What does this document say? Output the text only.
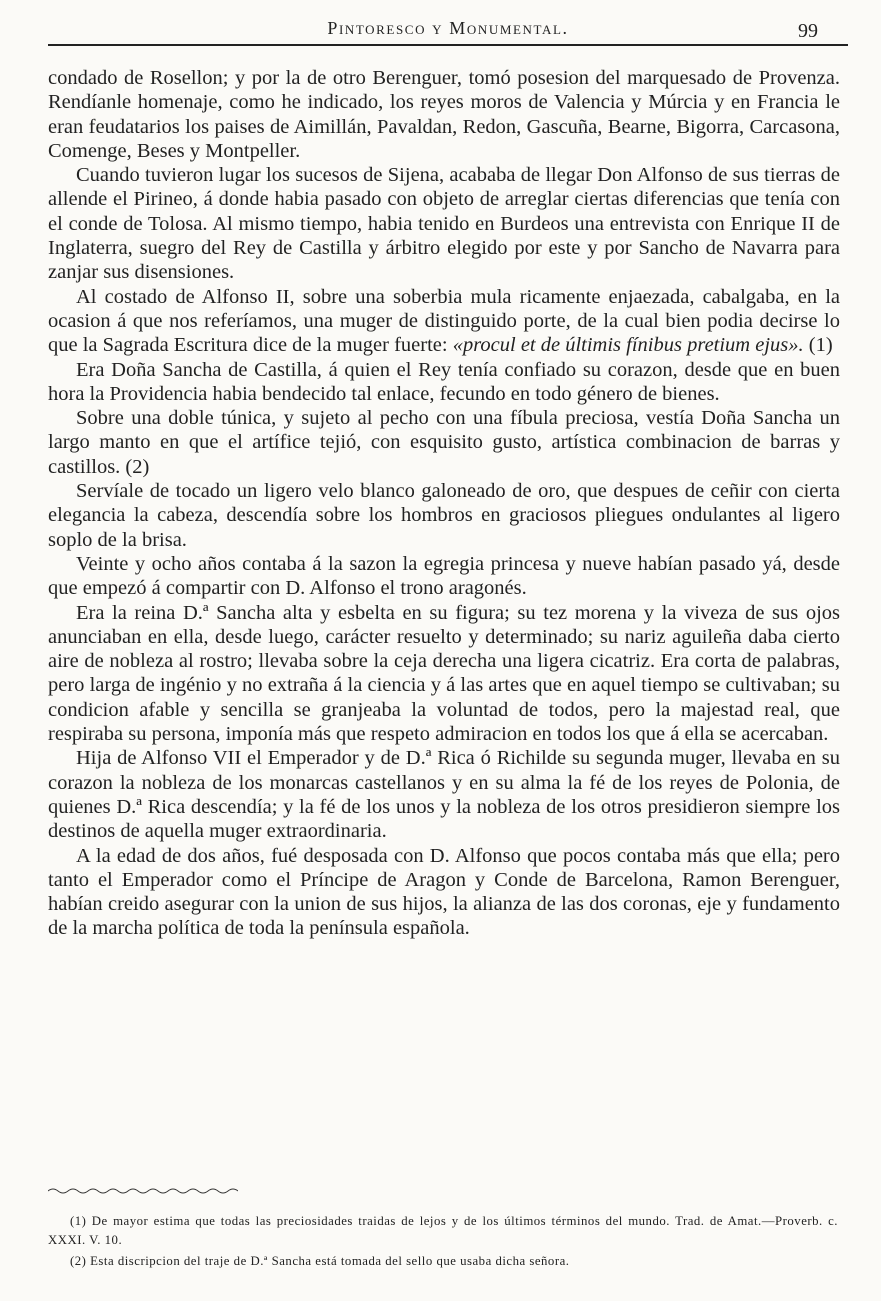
Pintoresco y Monumental.	99

condado de Rosellon; y por la de otro Berenguer, tomó posesion del marquesado de Provenza. Rendíanle homenaje, como he indicado, los reyes moros de Valencia y Múrcia y en Francia le eran feudatarios los paises de Aimillán, Pavaldan, Redon, Gascuña, Bearne, Bigorra, Carcasona, Comenge, Beses y Montpeller.

Cuando tuvieron lugar los sucesos de Sijena, acababa de llegar Don Alfonso de sus tierras de allende el Pirineo, á donde habia pasado con objeto de arreglar ciertas diferencias que tenía con el conde de Tolosa. Al mismo tiempo, habia tenido en Burdeos una entrevista con Enrique II de Inglaterra, suegro del Rey de Castilla y árbitro elegido por este y por Sancho de Navarra para zanjar sus disensiones.

Al costado de Alfonso II, sobre una soberbia mula ricamente enjaezada, cabalgaba, en la ocasion á que nos referíamos, una muger de distinguido porte, de la cual bien podia decirse lo que la Sagrada Escritura dice de la muger fuerte: «procul et de últimis fínibus pretium ejus». (1)

Era Doña Sancha de Castilla, á quien el Rey tenía confiado su corazon, desde que en buen hora la Providencia habia bendecido tal enlace, fecundo en todo género de bienes.

Sobre una doble túnica, y sujeto al pecho con una fíbula preciosa, vestía Doña Sancha un largo manto en que el artífice tejió, con esquisito gusto, artística combinacion de barras y castillos. (2)

Servíale de tocado un ligero velo blanco galoneado de oro, que despues de ceñir con cierta elegancia la cabeza, descendía sobre los hombros en graciosos pliegues ondulantes al ligero soplo de la brisa.

Veinte y ocho años contaba á la sazon la egregia princesa y nueve habían pasado yá, desde que empezó á compartir con D. Alfonso el trono aragonés.

Era la reina D.ª Sancha alta y esbelta en su figura; su tez morena y la viveza de sus ojos anunciaban en ella, desde luego, carácter resuelto y determinado; su nariz aguileña daba cierto aire de nobleza al rostro; llevaba sobre la ceja derecha una ligera cicatriz. Era corta de palabras, pero larga de ingénio y no extraña á la ciencia y á las artes que en aquel tiempo se cultivaban; su condicion afable y sencilla se granjeaba la voluntad de todos, pero la majestad real, que respiraba su persona, imponía más que respeto admiracion en todos los que á ella se acercaban.

Hija de Alfonso VII el Emperador y de D.ª Rica ó Richilde su segunda muger, llevaba en su corazon la nobleza de los monarcas castellanos y en su alma la fé de los reyes de Polonia, de quienes D.ª Rica descendía; y la fé de los unos y la nobleza de los otros presidieron siempre los destinos de aquella muger extraordinaria.

A la edad de dos años, fué desposada con D. Alfonso que pocos contaba más que ella; pero tanto el Emperador como el Príncipe de Aragon y Conde de Barcelona, Ramon Berenguer, habían creido asegurar con la union de sus hijos, la alianza de las dos coronas, eje y fundamento de la marcha política de toda la península española.

(1) De mayor estima que todas las preciosidades traidas de lejos y de los últimos términos del mundo. Trad. de Amat.—Proverb. c. XXXI. V. 10.

(2) Esta discripcion del traje de D.ª Sancha está tomada del sello que usaba dicha señora.
